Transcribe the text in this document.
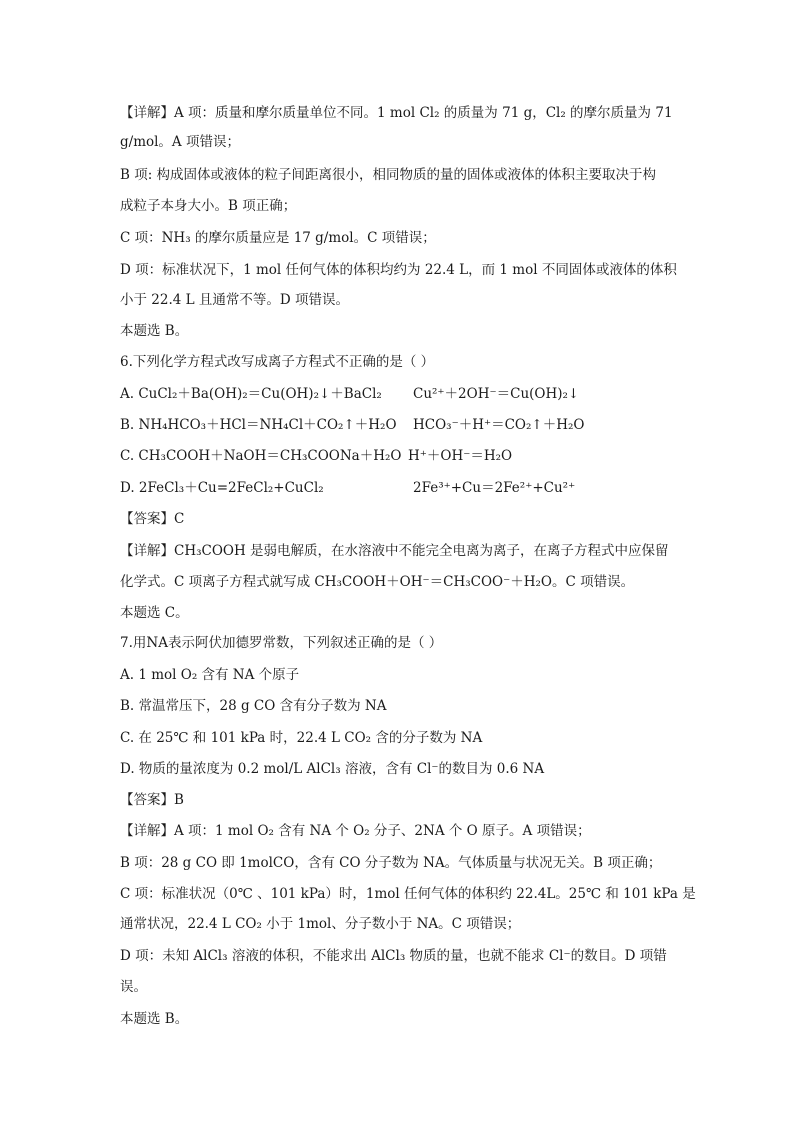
【详解】A 项：质量和摩尔质量单位不同。1 mol Cl₂ 的质量为 71 g，Cl₂ 的摩尔质量为 71
g/mol。A 项错误；
B 项: 构成固体或液体的粒子间距离很小，相同物质的量的固体或液体的体积主要取决于构
成粒子本身大小。B 项正确；
C 项：NH₃ 的摩尔质量应是 17 g/mol。C 项错误；
D 项：标准状况下，1 mol 任何气体的体积均约为 22.4 L，而 1 mol 不同固体或液体的体积
小于 22.4 L 且通常不等。D 项错误。
本题选 B。
6.下列化学方程式改写成离子方程式不正确的是（ ）
A. CuCl₂＋Ba(OH)₂＝Cu(OH)₂↓＋BaCl₂ Cu²⁺＋2OH⁻＝Cu(OH)₂↓
B. NH₄HCO₃＋HCl＝NH₄Cl＋CO₂↑＋H₂O HCO₃⁻＋H⁺＝CO₂↑＋H₂O
C. CH₃COOH＋NaOH＝CH₃COONa＋H₂O H⁺＋OH⁻＝H₂O
D. 2FeCl₃＋Cu=2FeCl₂+CuCl₂	2Fe³⁺+Cu＝2Fe²⁺+Cu²⁺
【答案】C
【详解】CH₃COOH 是弱电解质，在水溶液中不能完全电离为离子，在离子方程式中应保留
化学式。C 项离子方程式就写成 CH₃COOH＋OH⁻＝CH₃COO⁻＋H₂O。C 项错误。
本题选 C。
7.用NA表示阿伏加德罗常数，下列叙述正确的是（ ）
A. 1 mol O₂ 含有 NA 个原子
B. 常温常压下，28 g CO 含有分子数为 NA
C. 在 25℃ 和 101 kPa 时，22.4 L CO₂ 含的分子数为 NA
D. 物质的量浓度为 0.2 mol/L AlCl₃ 溶液，含有 Cl⁻的数目为 0.6 NA
【答案】B
【详解】A 项：1 mol O₂ 含有 NA 个 O₂ 分子、2NA 个 O 原子。A 项错误；
B 项：28 g CO 即 1molCO，含有 CO 分子数为 NA。气体质量与状况无关。B 项正确；
C 项：标准状况（0℃ 、101 kPa）时，1mol 任何气体的体积约 22.4L。25℃ 和 101 kPa 是
通常状况，22.4 L CO₂ 小于 1mol、分子数小于 NA。C 项错误；
D 项：未知 AlCl₃ 溶液的体积，不能求出 AlCl₃ 物质的量，也就不能求 Cl⁻的数目。D 项错
误。
本题选 B。
